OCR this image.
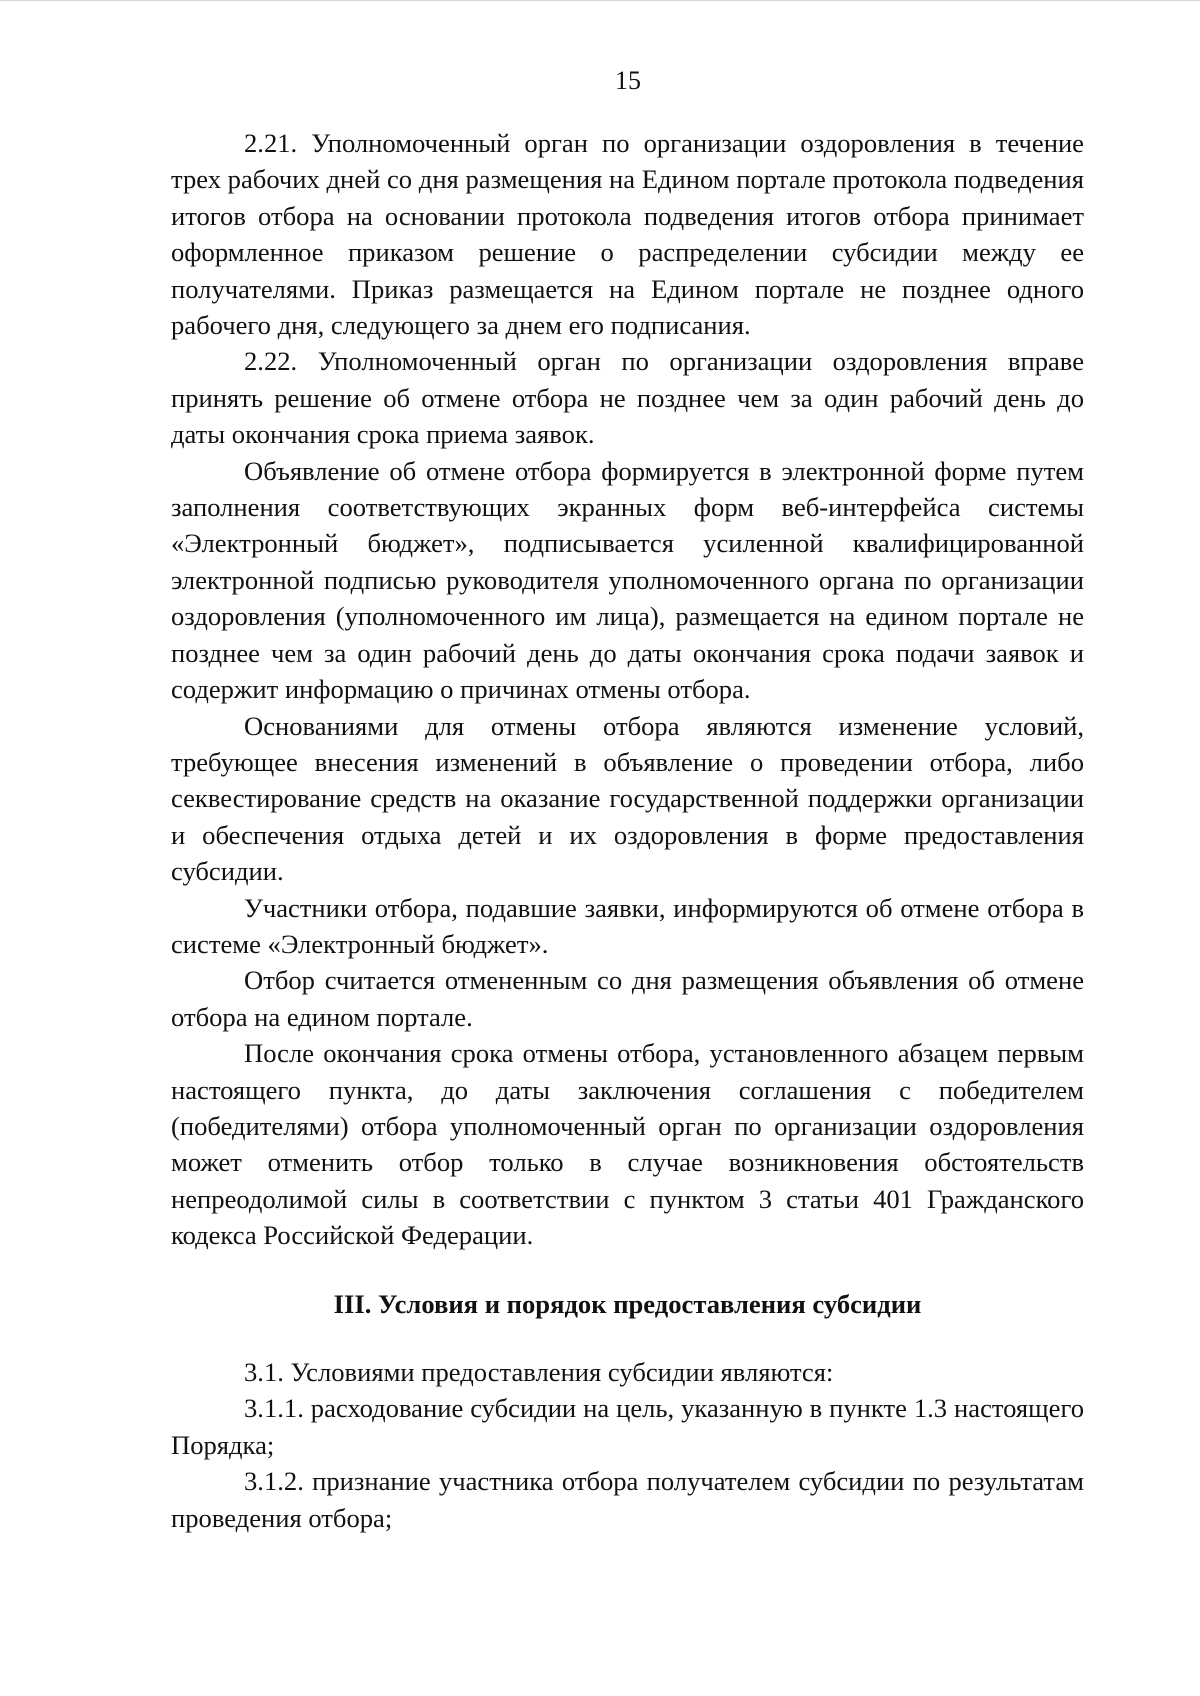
15

2.21. Уполномоченный орган по организации оздоровления в течение трех рабочих дней со дня размещения на Едином портале протокола подведения итогов отбора на основании протокола подведения итогов отбора принимает оформленное приказом решение о распределении субсидии между ее получателями. Приказ размещается на Едином портале не позднее одного рабочего дня, следующего за днем его подписания.

2.22. Уполномоченный орган по организации оздоровления вправе принять решение об отмене отбора не позднее чем за один рабочий день до даты окончания срока приема заявок.

Объявление об отмене отбора формируется в электронной форме путем заполнения соответствующих экранных форм веб-интерфейса системы «Электронный бюджет», подписывается усиленной квалифицированной электронной подписью руководителя уполномоченного органа по организации оздоровления (уполномоченного им лица), размещается на едином портале не позднее чем за один рабочий день до даты окончания срока подачи заявок и содержит информацию о причинах отмены отбора.

Основаниями для отмены отбора являются изменение условий, требующее внесения изменений в объявление о проведении отбора, либо секвестирование средств на оказание государственной поддержки организации и обеспечения отдыха детей и их оздоровления в форме предоставления субсидии.

Участники отбора, подавшие заявки, информируются об отмене отбора в системе «Электронный бюджет».

Отбор считается отмененным со дня размещения объявления об отмене отбора на едином портале.

После окончания срока отмены отбора, установленного абзацем первым настоящего пункта, до даты заключения соглашения с победителем (победителями) отбора уполномоченный орган по организации оздоровления может отменить отбор только в случае возникновения обстоятельств непреодолимой силы в соответствии с пунктом 3 статьи 401 Гражданского кодекса Российской Федерации.

III. Условия и порядок предоставления субсидии

3.1. Условиями предоставления субсидии являются:

3.1.1. расходование субсидии на цель, указанную в пункте 1.3 настоящего Порядка;

3.1.2. признание участника отбора получателем субсидии по результатам проведения отбора;
